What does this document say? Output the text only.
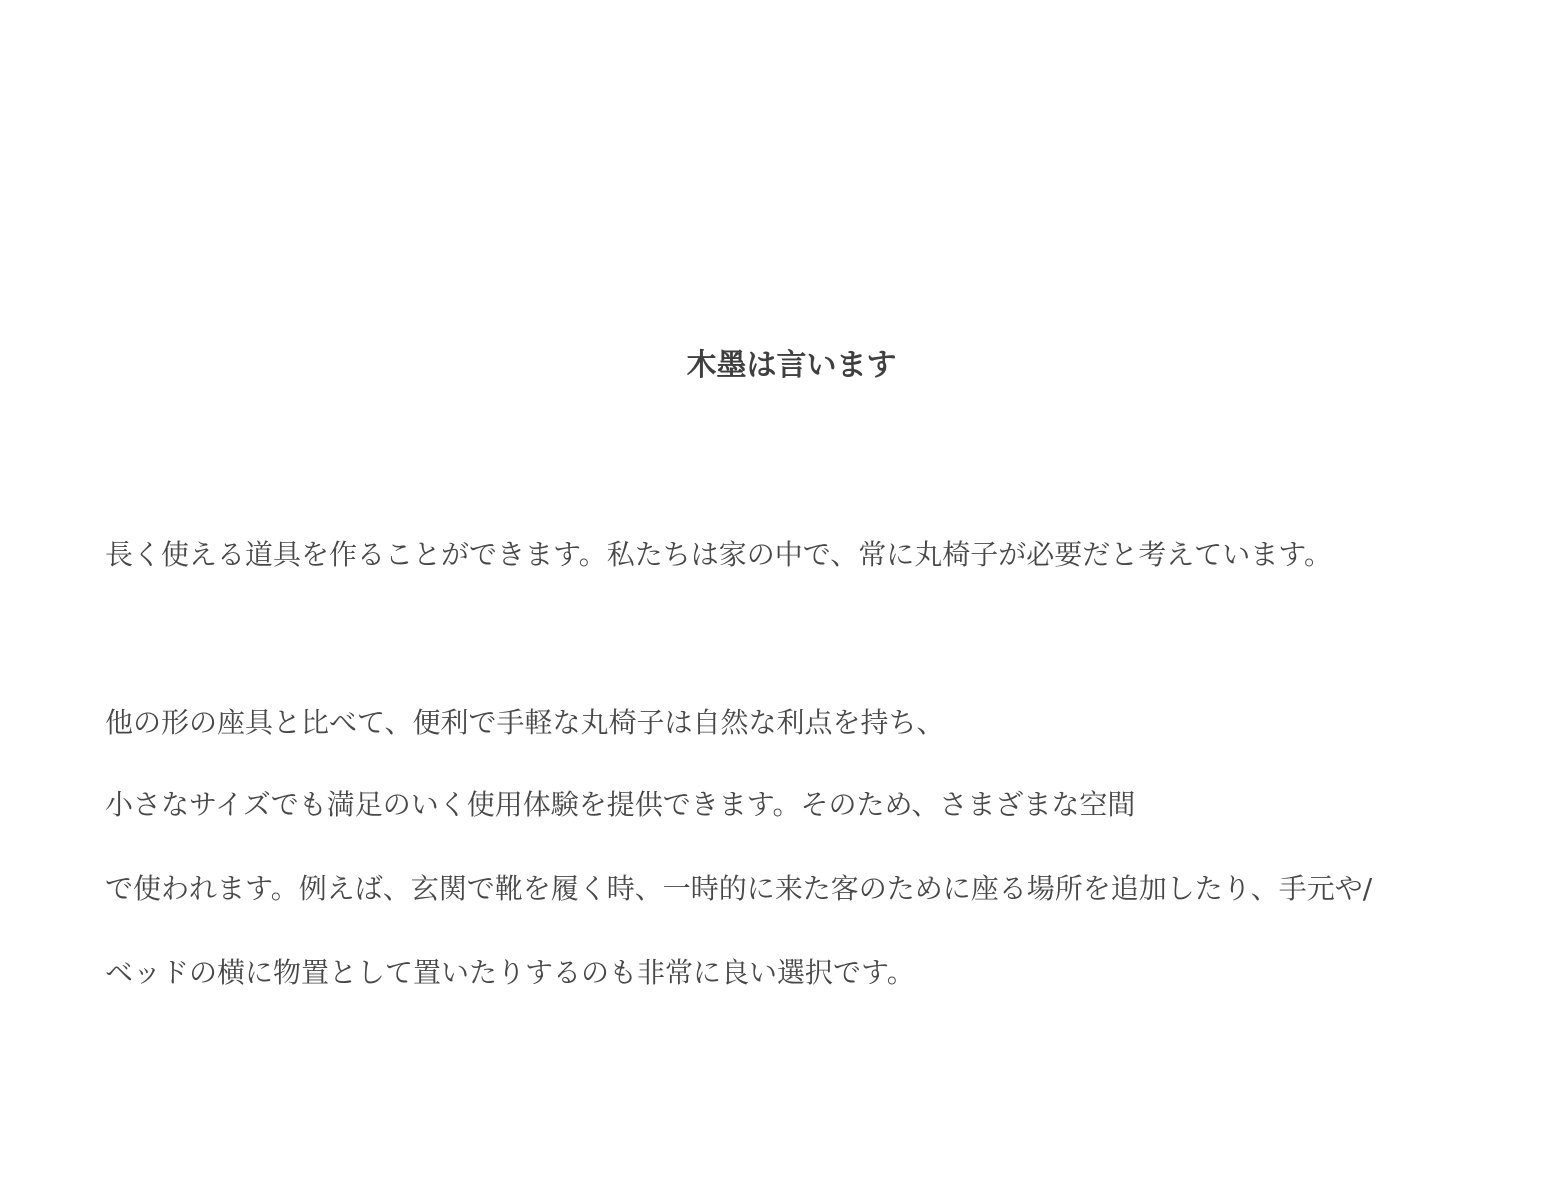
木墨は言います
長く使える道具を作ることができます。私たちは家の中で、常に丸椅子が必要だと考えています。
他の形の座具と比べて、便利で手軽な丸椅子は自然な利点を持ち、
小さなサイズでも満足のいく使用体験を提供できます。そのため、さまざまな空間
で使われます。例えば、玄関で靴を履く時、一時的に来た客のために座る場所を追加したり、手元や/
ベッドの横に物置として置いたりするのも非常に良い選択です。
